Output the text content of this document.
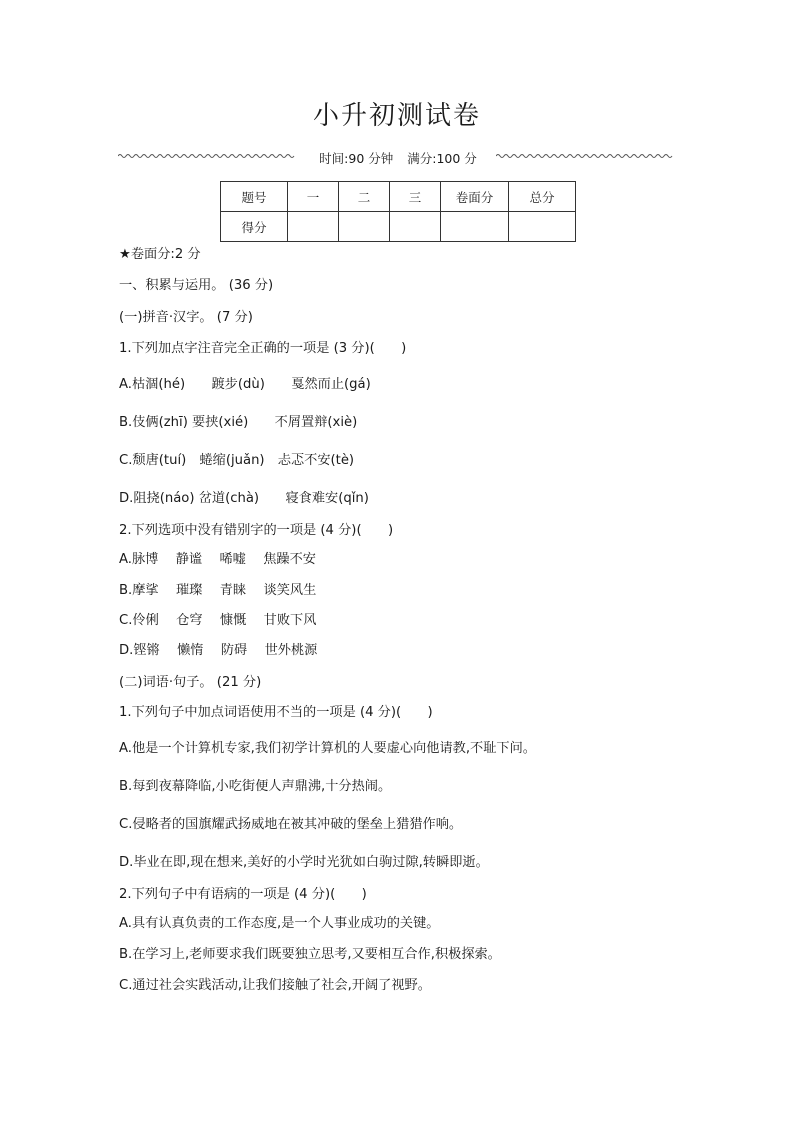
小升初测试卷
时间:90 分钟 满分:100 分
题号	一	二	三	卷面分	总分
得分					
★卷面分:2 分
一、积累与运用。 (36 分)
(一)拼音·汉字。 (7 分)
1.下列加点字注音完全正确的一项是 (3 分)(　　)
A.枯涸(hé)　　踱步(dù)　　戛然而止(gá)
B.伎俩(zhī) 要挟(xié)　　不屑置辩(xiè)
C.颓唐(tuí)　蜷缩(juǎn)　忐忑不安(tè)
D.阻挠(náo) 岔道(chà)　　寝食难安(qǐn)
2.下列选项中没有错别字的一项是 (4 分)(　　)
A.脉博　 静谧　 唏嘘　 焦躁不安
B.摩挲　 璀璨　 青睐　 谈笑风生
C.伶俐　 仓穹　 慷慨　 甘败下风
D.铿锵　 懒惰　 防碍　 世外桃源
(二)词语·句子。 (21 分)
1.下列句子中加点词语使用不当的一项是 (4 分)(　　)
A.他是一个计算机专家,我们初学计算机的人要虚心向他请教,不耻下问。
B.每到夜幕降临,小吃街便人声鼎沸,十分热闹。
C.侵略者的国旗耀武扬威地在被其冲破的堡垒上猎猎作响。
D.毕业在即,现在想来,美好的小学时光犹如白驹过隙,转瞬即逝。
2.下列句子中有语病的一项是 (4 分)(　　)
A.具有认真负责的工作态度,是一个人事业成功的关键。
B.在学习上,老师要求我们既要独立思考,又要相互合作,积极探索。
C.通过社会实践活动,让我们接触了社会,开阔了视野。
